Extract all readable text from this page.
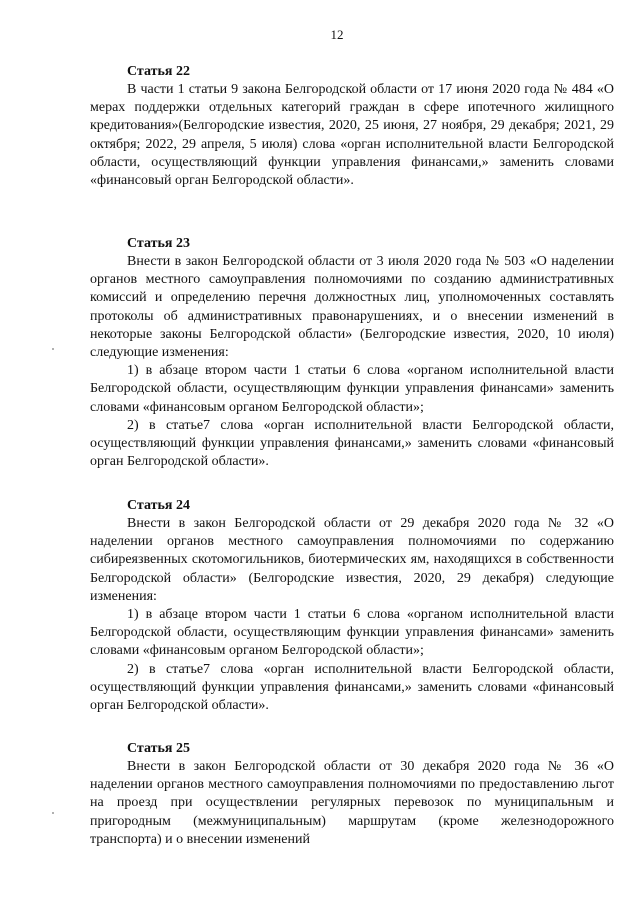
12
Статья 22

В части 1 статьи 9 закона Белгородской области от 17 июня 2020 года № 484 «О мерах поддержки отдельных категорий граждан в сфере ипотечного жилищного кредитования»(Белгородские известия, 2020, 25 июня, 27 ноября, 29 декабря; 2021, 29 октября; 2022, 29 апреля, 5 июля) слова «орган исполнительной власти Белгородской области, осуществляющий функции управления финансами,» заменить словами «финансовый орган Белгородской области».

Статья 23

Внести в закон Белгородской области от 3 июля 2020 года № 503 «О наделении органов местного самоуправления полномочиями по созданию административных комиссий и определению перечня должностных лиц, уполномоченных составлять протоколы об административных правонарушениях, и о внесении изменений в некоторые законы Белгородской области» (Белгородские известия, 2020, 10 июля) следующие изменения:

1) в абзаце втором части 1 статьи 6 слова «органом исполнительной власти Белгородской области, осуществляющим функции управления финансами» заменить словами «финансовым органом Белгородской области»;

2) в статье7 слова «орган исполнительной власти Белгородской области, осуществляющий функции управления финансами,» заменить словами «финансовый орган Белгородской области».

Статья 24

Внести в закон Белгородской области от 29 декабря 2020 года № 32 «О наделении органов местного самоуправления полномочиями по содержанию сибиреязвенных скотомогильников, биотермических ям, находящихся в собственности Белгородской области» (Белгородские известия, 2020, 29 декабря) следующие изменения:

1) в абзаце втором части 1 статьи 6 слова «органом исполнительной власти Белгородской области, осуществляющим функции управления финансами» заменить словами «финансовым органом Белгородской области»;

2) в статье7 слова «орган исполнительной власти Белгородской области, осуществляющий функции управления финансами,» заменить словами «финансовый орган Белгородской области».

Статья 25

Внести в закон Белгородской области от 30 декабря 2020 года № 36 «О наделении органов местного самоуправления полномочиями по предоставлению льгот на проезд при осуществлении регулярных перевозок по муниципальным и пригородным (межмуниципальным) маршрутам (кроме железнодорожного транспорта) и о внесении изменений
